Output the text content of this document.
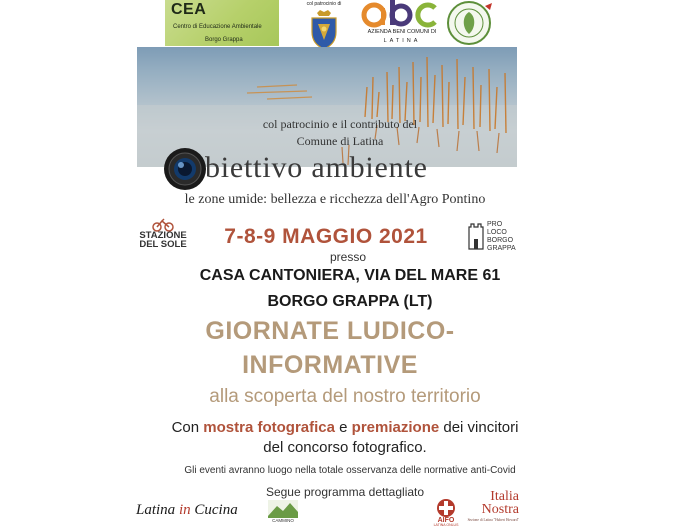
CEA
Centro di Educazione Ambientale
Borgo Grappa
col patrocinio di
AZIENDA BENI COMUNI DI
LATINA
col patrocinio e il contributo del
Comune di Latina
biettivo ambiente
le zone umide: bellezza e ricchezza dell'Agro Pontino
STAZIONE
DEL SOLE	7-8-9 MAGGIO 2021
PRO
LOCO
BORGO
GRAPPA
presso
CASA CANTONIERA, VIA DEL MARE 61
BORGO GRAPPA (LT)
GIORNATE LUDICO-
INFORMATIVE
alla scoperta del nostro territorio
Con mostra fotografica e premiazione dei vincitori
del concorso fotografico.
Gli eventi avranno luogo nella totale osservanza delle normative anti-Covid
Segue programma dettagliato
Latina in Cucina
CAMMINO	AIFO
LATINA ONLUS
Italia
Nostra
Sezione di Latina "Hubert Howard"
